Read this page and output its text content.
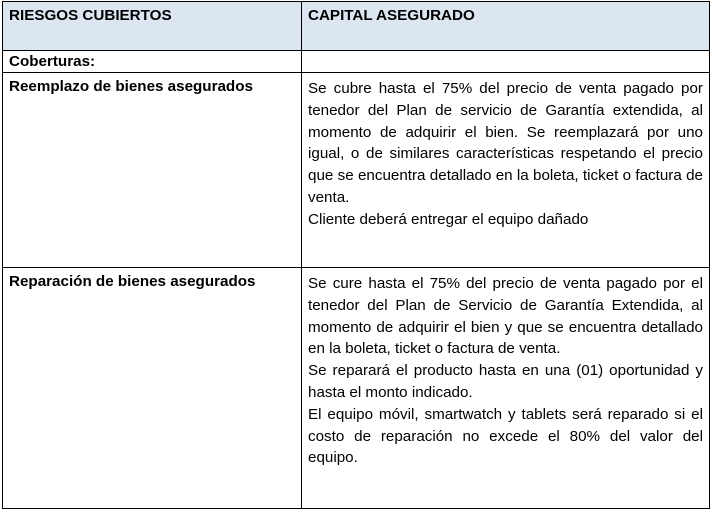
RIESGOS CUBIERTOS	CAPITAL ASEGURADO
Coberturas:	
Reemplazo de bienes asegurados	Se cubre hasta el 75% del precio de venta pagado por tenedor del Plan de servicio de Garantía extendida, al momento de adquirir el bien. Se reemplazará por uno igual, o de similares características respetando el precio que se encuentra detallado en la boleta, ticket o factura de venta.

Cliente deberá entregar el equipo dañado

Reparación de bienes asegurados	Se cure hasta el 75% del precio de venta pagado por el tenedor del Plan de Servicio de Garantía Extendida, al momento de adquirir el bien y que se encuentra detallado en la boleta, ticket o factura de venta.

Se reparará el producto hasta en una (01) oportunidad y hasta el monto indicado.

El equipo móvil, smartwatch y tablets será reparado si el costo de reparación no excede el 80% del valor del equipo.
